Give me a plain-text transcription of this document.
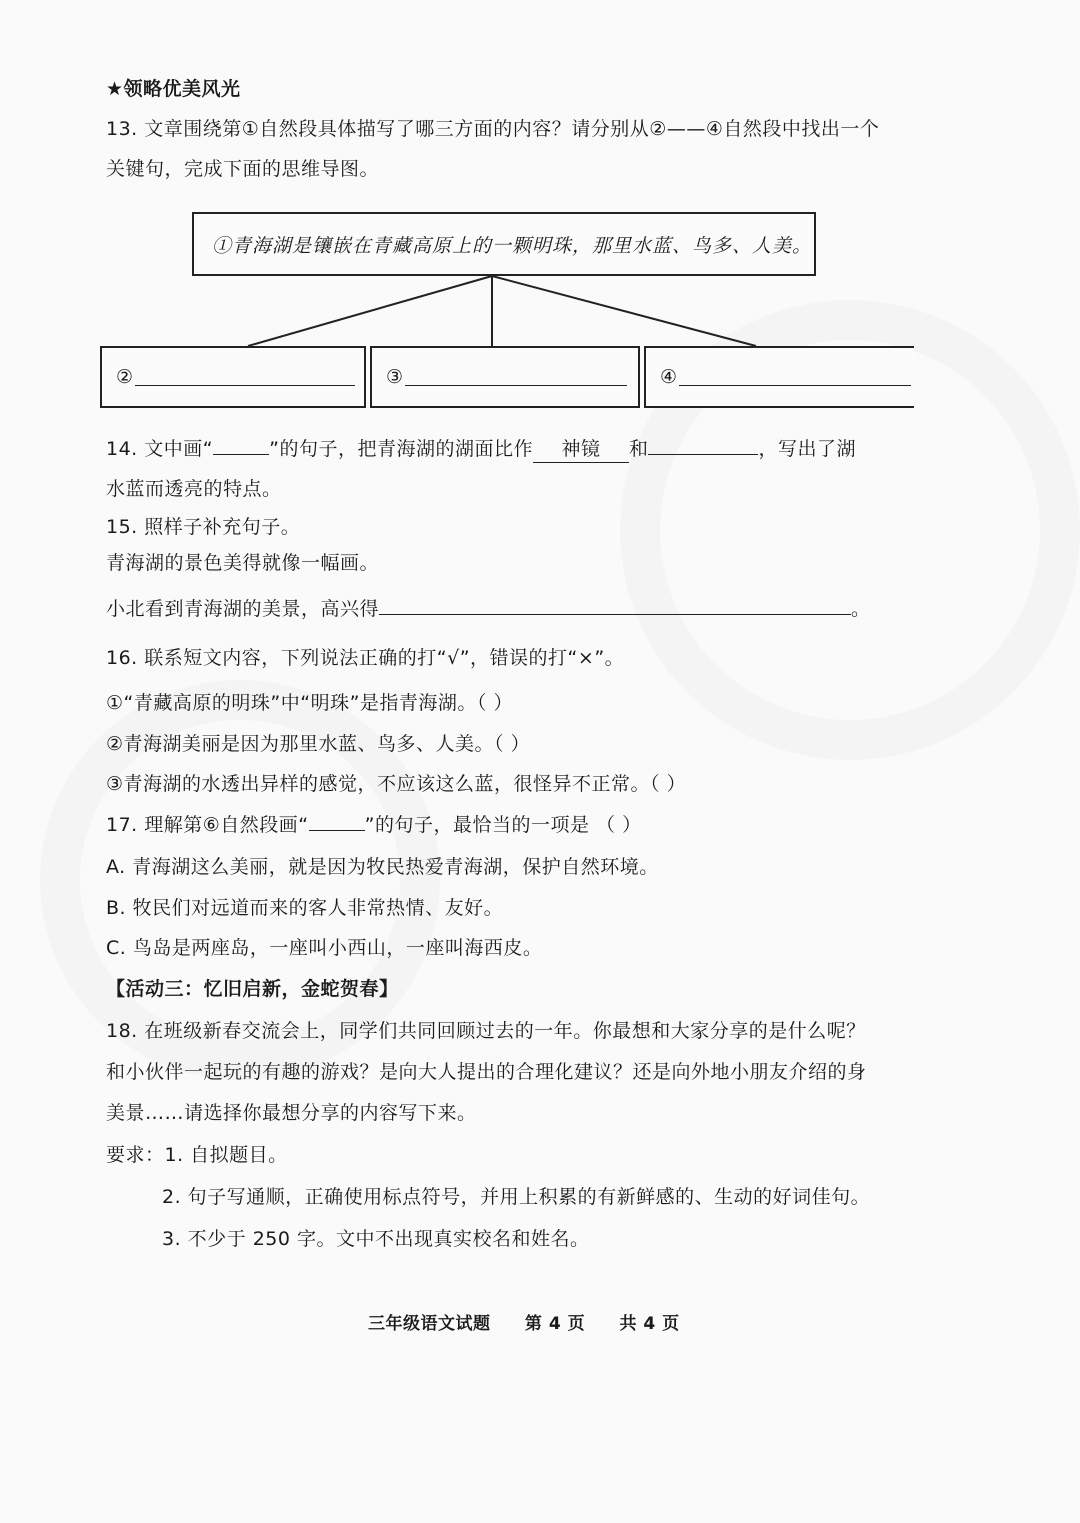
★领略优美风光
13. 文章围绕第①自然段具体描写了哪三方面的内容？请分别从②——④自然段中找出一个
关键句，完成下面的思维导图。
①青海湖是镶嵌在青藏高原上的一颗明珠，那里水蓝、鸟多、人美。
②	③	④
14. 文中画“	”的句子，把青海湖的湖面比作 神镜 和	，写出了湖
水蓝而透亮的特点。
15. 照样子补充句子。
青海湖的景色美得就像一幅画。
小北看到青海湖的美景，高兴得	。
16. 联系短文内容，下列说法正确的打“√”，错误的打“×”。
①“青藏高原的明珠”中“明珠”是指青海湖。（ ）
②青海湖美丽是因为那里水蓝、鸟多、人美。（ ）
③青海湖的水透出异样的感觉，不应该这么蓝，很怪异不正常。（ ）
17. 理解第⑥自然段画“	”的句子，最恰当的一项是 （ ）
A. 青海湖这么美丽，就是因为牧民热爱青海湖，保护自然环境。
B. 牧民们对远道而来的客人非常热情、友好。
C. 鸟岛是两座岛，一座叫小西山，一座叫海西皮。
【活动三：忆旧启新，金蛇贺春】
18. 在班级新春交流会上，同学们共同回顾过去的一年。你最想和大家分享的是什么呢？
和小伙伴一起玩的有趣的游戏？是向大人提出的合理化建议？还是向外地小朋友介绍的身
美景……请选择你最想分享的内容写下来。
要求：1. 自拟题目。
2. 句子写通顺，正确使用标点符号，并用上积累的有新鲜感的、生动的好词佳句。
3. 不少于 250 字。文中不出现真实校名和姓名。
三年级语文试题 第 4 页 共 4 页
